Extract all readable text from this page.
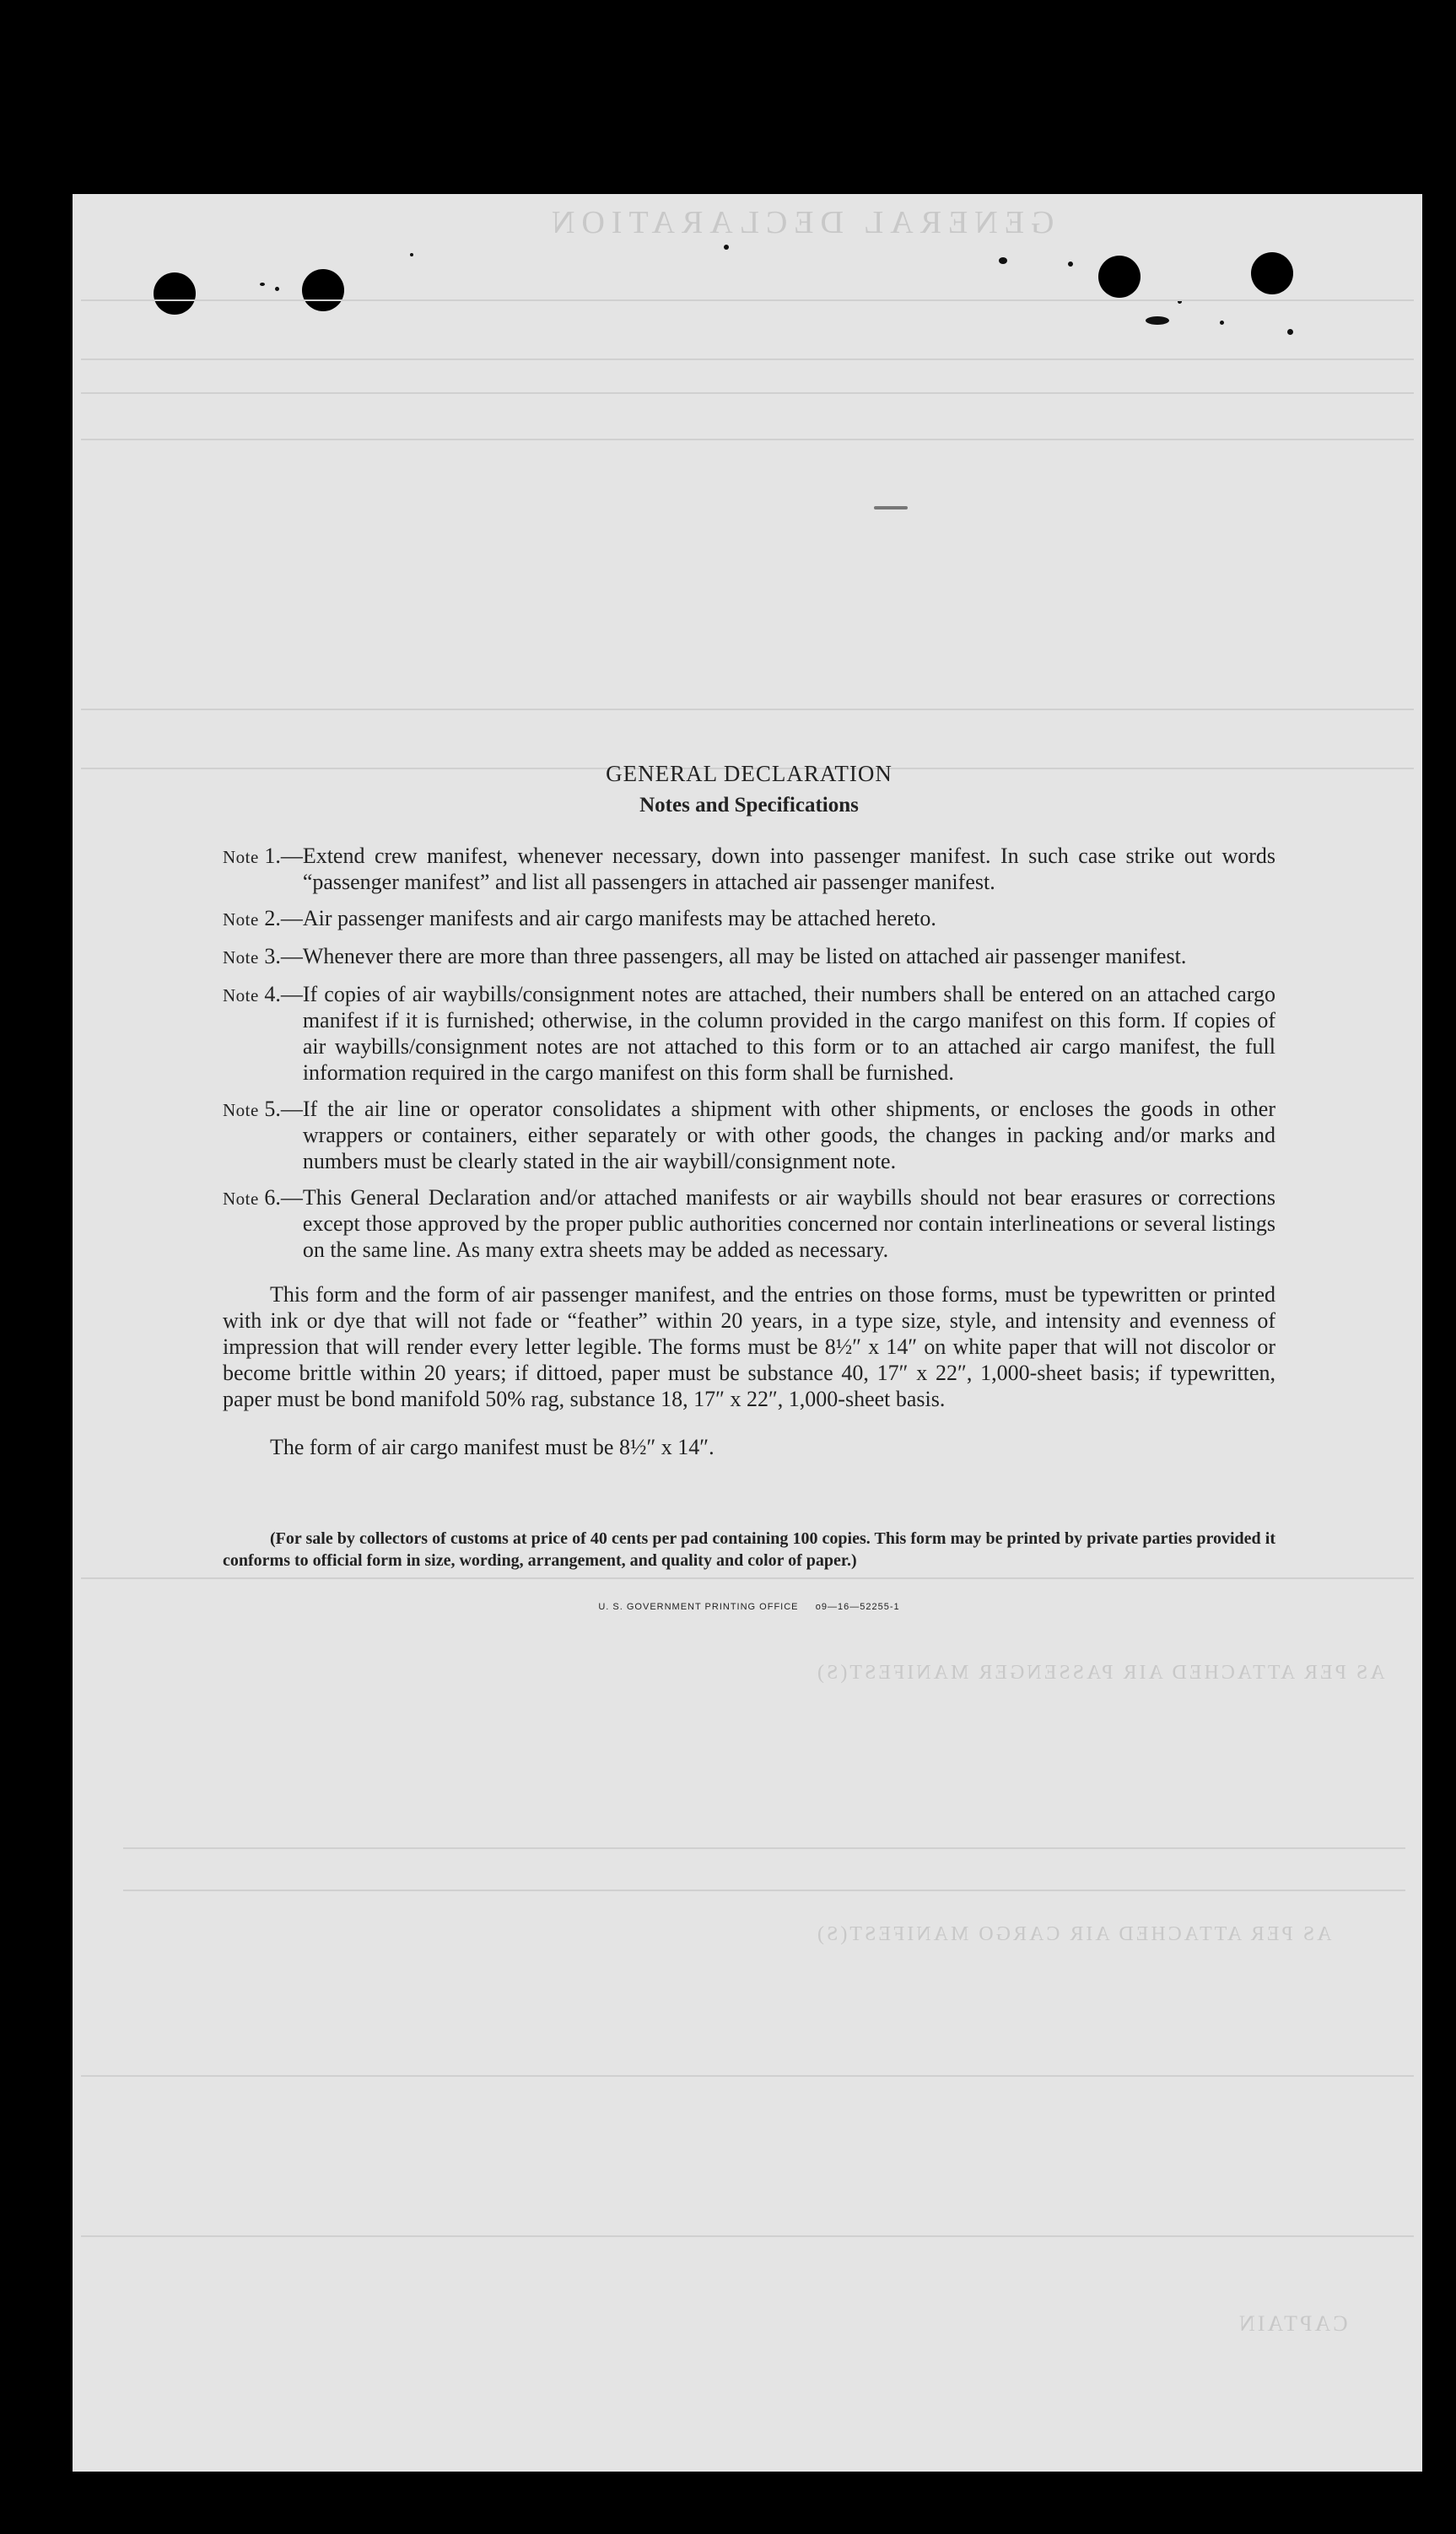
GENERAL DECLARATION
AS PER ATTACHED AIR PASSENGER MANIFEST(S)
AS PER ATTACHED AIR CARGO MANIFEST(S)
CAPTAIN
GENERAL DECLARATION
Notes and Specifications
Note 1.— Extend crew manifest, whenever necessary, down into passenger manifest. In such case strike out words “passenger manifest” and list all passengers in attached air passenger manifest.
Note 2.— Air passenger manifests and air cargo manifests may be attached hereto.
Note 3.— Whenever there are more than three passengers, all may be listed on attached air passenger manifest.
Note 4.— If copies of air waybills/consignment notes are attached, their numbers shall be entered on an attached cargo manifest if it is furnished; otherwise, in the column provided in the cargo manifest on this form. If copies of air waybills/consignment notes are not attached to this form or to an attached air cargo manifest, the full information required in the cargo manifest on this form shall be furnished.
Note 5.— If the air line or operator consolidates a shipment with other shipments, or encloses the goods in other wrappers or containers, either separately or with other goods, the changes in packing and/or marks and numbers must be clearly stated in the air waybill/consignment note.
Note 6.— This General Declaration and/or attached manifests or air waybills should not bear erasures or corrections except those approved by the proper public authorities concerned nor contain interlineations or several listings on the same line. As many extra sheets may be added as necessary.

This form and the form of air passenger manifest, and the entries on those forms, must be typewritten or printed with ink or dye that will not fade or “feather” within 20 years, in a type size, style, and intensity and evenness of impression that will render every letter legible. The forms must be 8½″ x 14″ on white paper that will not discolor or become brittle within 20 years; if dittoed, paper must be substance 40, 17″ x 22″, 1,000-sheet basis; if typewritten, paper must be bond manifold 50% rag, substance 18, 17″ x 22″, 1,000-sheet basis.

The form of air cargo manifest must be 8½″ x 14″.

(For sale by collectors of customs at price of 40 cents per pad containing 100 copies. This form may be printed by private parties provided it conforms to official form in size, wording, arrangement, and quality and color of paper.)

U. S. GOVERNMENT PRINTING OFFICE     o9—16—52255-1
